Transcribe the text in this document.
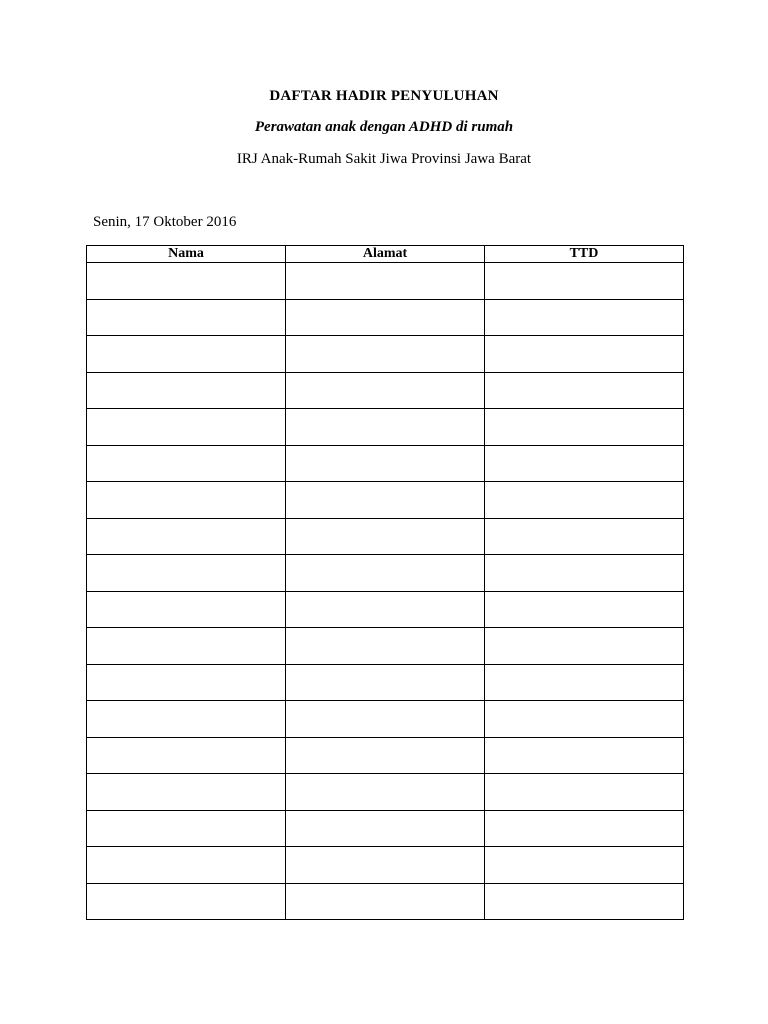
DAFTAR HADIR PENYULUHAN
Perawatan anak dengan ADHD di rumah
IRJ Anak-Rumah Sakit Jiwa Provinsi Jawa Barat
Senin, 17 Oktober 2016
Nama	Alamat	TTD
